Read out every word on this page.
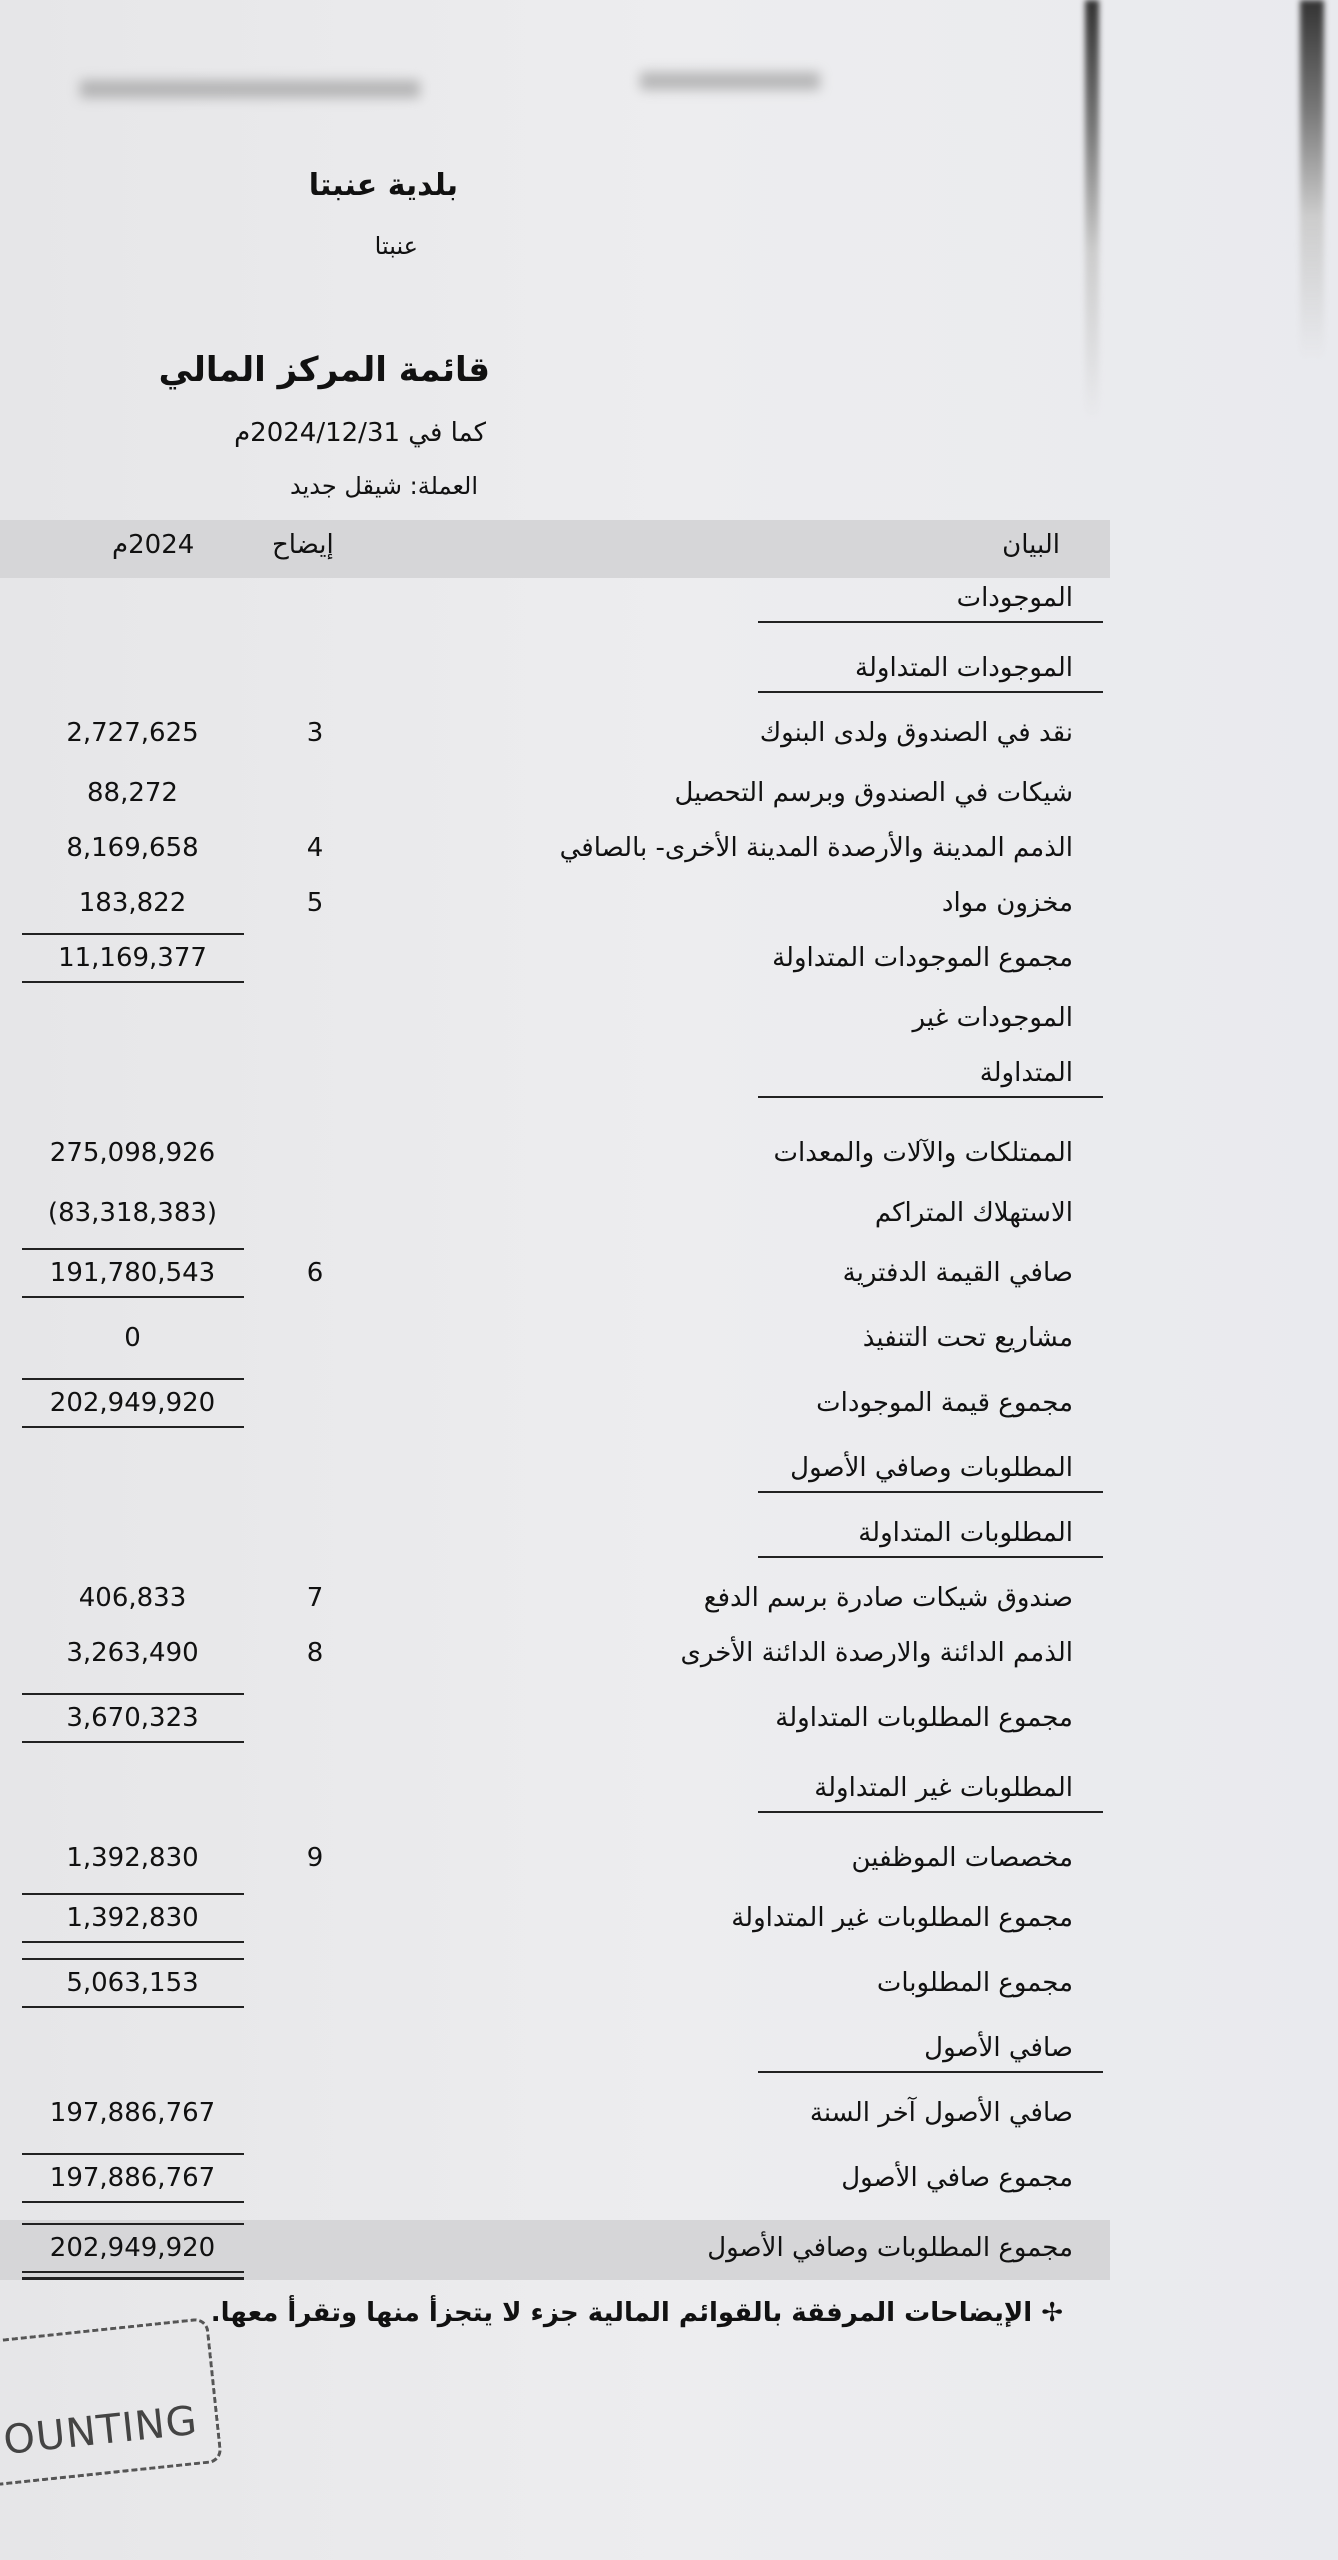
بلدية عنبتا
عنبتا
قائمة المركز المالي
كما في 2024/12/31م
العملة: شيقل جديد
البيان
إيضاح
2024م
الموجودات
الموجودات المتداولة
نقد في الصندوق ولدى البنوك
3
2,727,625
شيكات في الصندوق وبرسم التحصيل
88,272
الذمم المدينة والأرصدة المدينة الأخرى- بالصافي
4
8,169,658
مخزون مواد
5
183,822
مجموع الموجودات المتداولة
11,169,377
الموجودات غير
المتداولة
الممتلكات والآلات والمعدات
275,098,926
الاستهلاك المتراكم
(83,318,383)
صافي القيمة الدفترية
6
191,780,543
مشاريع تحت التنفيذ
0
مجموع قيمة الموجودات
202,949,920
المطلوبات وصافي الأصول
المطلوبات المتداولة
صندوق شيكات صادرة برسم الدفع
7
406,833
الذمم الدائنة والارصدة الدائنة الأخرى
8
3,263,490
مجموع المطلوبات المتداولة
3,670,323
المطلوبات غير المتداولة
مخصصات الموظفين
9
1,392,830
مجموع المطلوبات غير المتداولة
1,392,830
مجموع المطلوبات
5,063,153
صافي الأصول
صافي الأصول آخر السنة
197,886,767
مجموع صافي الأصول
197,886,767
مجموع المطلوبات وصافي الأصول
202,949,920
✢ الإيضاحات المرفقة بالقوائم المالية جزء لا يتجزأ منها وتقرأ معها.
OUNTING
